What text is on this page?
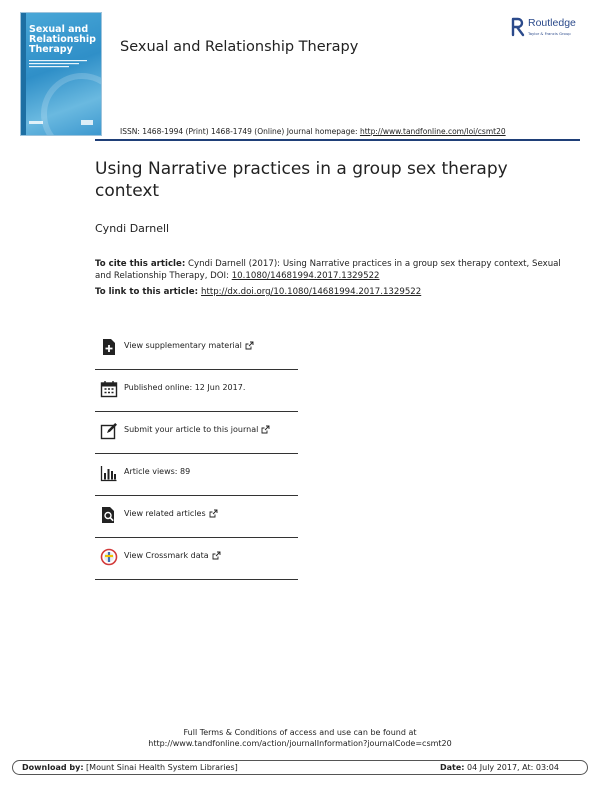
Sexual and Relationship Therapy	Sexual and Relationship Therapy
Routledge
Taylor & Francis Group
ISSN: 1468-1994 (Print) 1468-1749 (Online) Journal homepage: http://www.tandfonline.com/loi/csmt20
Using Narrative practices in a group sex therapy context
Cyndi Darnell
To cite this article: Cyndi Darnell (2017): Using Narrative practices in a group sex therapy context, Sexual and Relationship Therapy, DOI: 10.1080/14681994.2017.1329522
To link to this article: http://dx.doi.org/10.1080/14681994.2017.1329522
View supplementary material
Published online: 12 Jun 2017.
Submit your article to this journal
Article views: 89
View related articles
View Crossmark data
Full Terms & Conditions of access and use can be found at
http://www.tandfonline.com/action/journalInformation?journalCode=csmt20
Download by: [Mount Sinai Health System Libraries]	Date: 04 July 2017, At: 03:04
